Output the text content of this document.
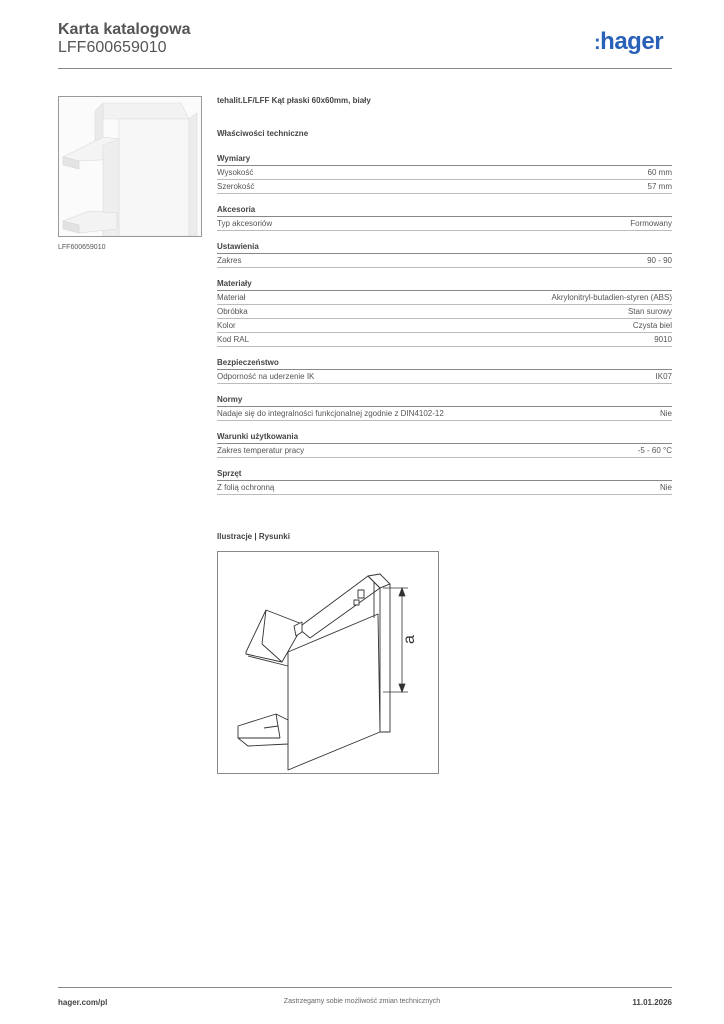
Karta katalogowa
LFF600659010	:hager
LFF600659010
tehalit.LF/LFF Kąt płaski 60x60mm, biały
Właściwości techniczne
Wymiary
Wysokość	60 mm
Szerokość	57 mm
Akcesoria
Typ akcesoriów	Formowany
Ustawienia
Zakres	90 - 90
Materiały
Materiał	Akrylonitryl-butadien-styren (ABS)
Obróbka	Stan surowy
Kolor	Czysta biel
Kod RAL	9010
Bezpieczeństwo
Odporność na uderzenie IK	IK07
Normy
Nadaje się do integralności funkcjonalnej zgodnie z DIN4102-12	Nie
Warunki użytkowania
Zakres temperatur pracy	-5 - 60 °C
Sprzęt
Z folią ochronną	Nie
Ilustracje | Rysunki
a
hager.com/pl	Zastrzegamy sobie możliwość zmian technicznych	11.01.2026
